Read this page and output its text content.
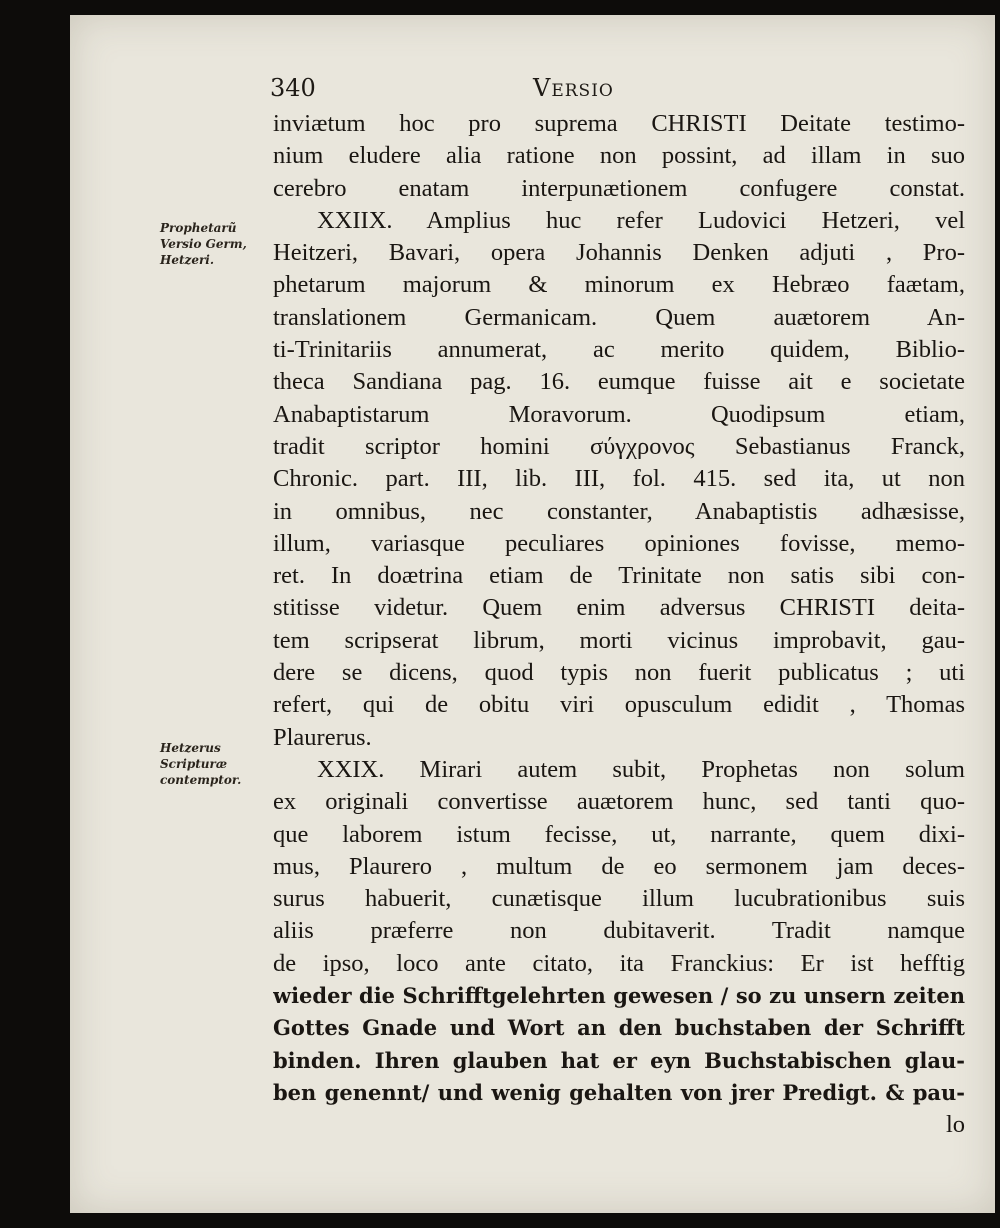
340	Versio
Prophetarũ
Versio Germ,
Hetzeri.
Hetzerus
Scripturæ
contemptor.
inviætum hoc pro suprema CHRISTI Deitate testimo-
nium eludere alia ratione non possint, ad illam in suo
cerebro enatam interpunætionem confugere constat.
XXIIX. Amplius huc refer Ludovici Hetzeri, vel
Heitzeri, Bavari, opera Johannis Denken adjuti , Pro-
phetarum majorum & minorum ex Hebræo faætam,
translationem Germanicam. Quem auætorem An-
ti-Trinitariis annumerat, ac merito quidem, Biblio-
theca Sandiana pag. 16. eumque fuisse ait e societate
Anabaptistarum Moravorum. Quodipsum etiam,
tradit scriptor homini σύγχρονος Sebastianus Franck,
Chronic. part. III, lib. III, fol. 415. sed ita, ut non
in omnibus, nec constanter, Anabaptistis adhæsisse,
illum, variasque peculiares opiniones fovisse, memo-
ret. In doætrina etiam de Trinitate non satis sibi con-
stitisse videtur. Quem enim adversus CHRISTI deita-
tem scripserat librum, morti vicinus improbavit, gau-
dere se dicens, quod typis non fuerit publicatus ; uti
refert, qui de obitu viri opusculum edidit , Thomas
Plaurerus.
XXIX. Mirari autem subit, Prophetas non solum
ex originali convertisse auætorem hunc, sed tanti quo-
que laborem istum fecisse, ut, narrante, quem dixi-
mus, Plaurero , multum de eo sermonem jam deces-
surus habuerit, cunætisque illum lucubrationibus suis
aliis præferre non dubitaverit. Tradit namque
de ipso, loco ante citato, ita Franckius: Er ist hefftig
wieder die Schrifftgelehrten gewesen / so zu unsern zeiten
Gottes Gnade und Wort an den buchstaben der Schrifft
binden. Ihren glauben hat er eyn Buchstabischen glau-
ben genennt/ und wenig gehalten von jrer Predigt. & pau-
lo
